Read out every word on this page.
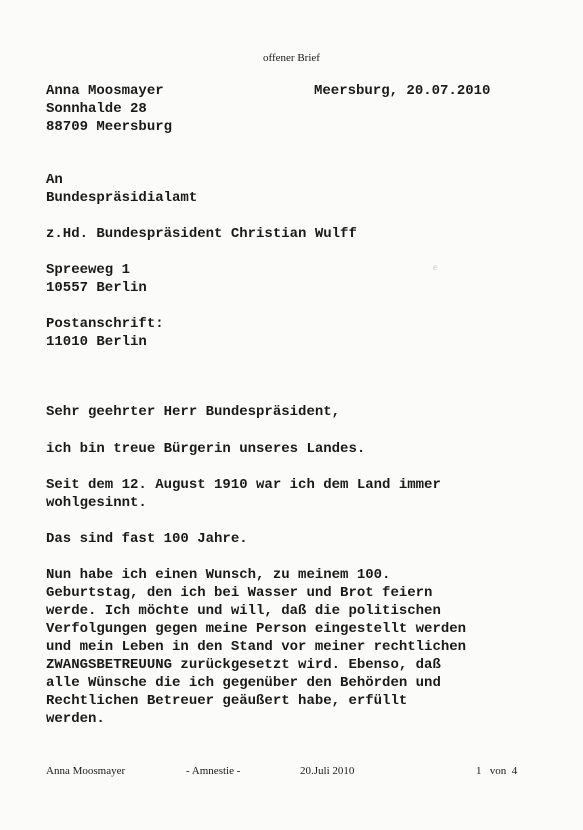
offener Brief
Anna Moosmayer
Sonnhalde 28
88709 Meersburg
Meersburg, 20.07.2010
An
Bundespräsidialamt
z.Hd. Bundespräsident Christian Wulff
Spreeweg 1
10557 Berlin
e
Postanschrift:
11010 Berlin
Sehr geehrter Herr Bundespräsident,
ich bin treue Bürgerin unseres Landes.
Seit dem 12. August 1910 war ich dem Land immer
wohlgesinnt.
Das sind fast 100 Jahre.
Nun habe ich einen Wunsch, zu meinem 100.
Geburtstag, den ich bei Wasser und Brot feiern
werde. Ich möchte und will, daß die politischen
Verfolgungen gegen meine Person eingestellt werden
und mein Leben in den Stand vor meiner rechtlichen
ZWANGSBETREUUNG zurückgesetzt wird. Ebenso, daß
alle Wünsche die ich gegenüber den Behörden und
Rechtlichen Betreuer geäußert habe, erfüllt
werden.
Anna Moosmayer	- Amnestie -	20.Juli 2010	1   von  4
